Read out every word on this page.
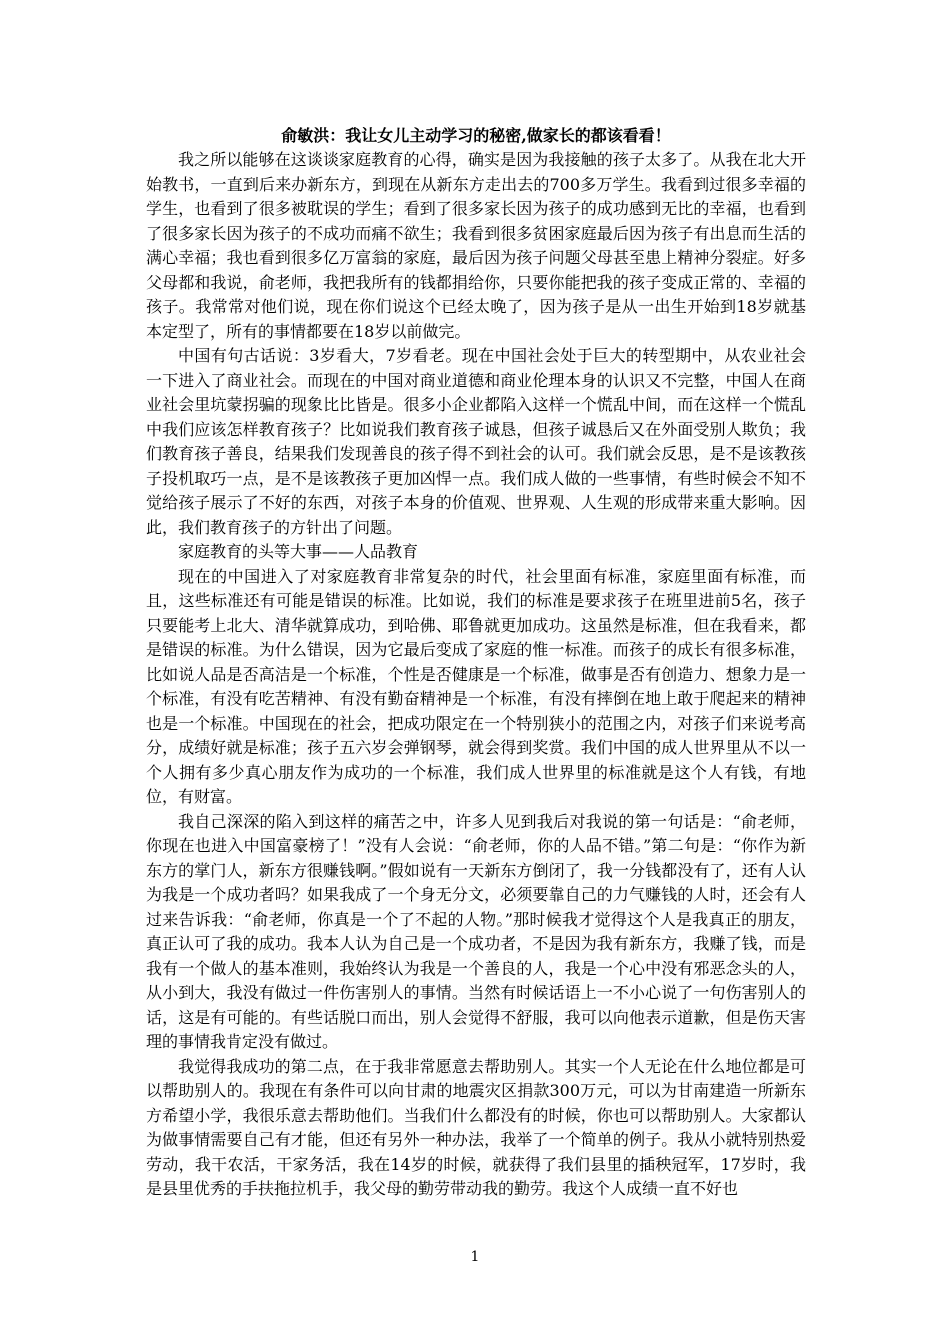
俞敏洪：我让女儿主动学习的秘密,做家长的都该看看！

我之所以能够在这谈谈家庭教育的心得，确实是因为我接触的孩子太多了。从我在北大开始教书，一直到后来办新东方，到现在从新东方走出去的700多万学生。我看到过很多幸福的学生，也看到了很多被耽误的学生；看到了很多家长因为孩子的成功感到无比的幸福，也看到了很多家长因为孩子的不成功而痛不欲生；我看到很多贫困家庭最后因为孩子有出息而生活的满心幸福；我也看到很多亿万富翁的家庭，最后因为孩子问题父母甚至患上精神分裂症。好多父母都和我说，俞老师，我把我所有的钱都捐给你，只要你能把我的孩子变成正常的、幸福的孩子。我常常对他们说，现在你们说这个已经太晚了，因为孩子是从一出生开始到18岁就基本定型了，所有的事情都要在18岁以前做完。

中国有句古话说：3岁看大，7岁看老。现在中国社会处于巨大的转型期中，从农业社会一下进入了商业社会。而现在的中国对商业道德和商业伦理本身的认识又不完整，中国人在商业社会里坑蒙拐骗的现象比比皆是。很多小企业都陷入这样一个慌乱中间，而在这样一个慌乱中我们应该怎样教育孩子？比如说我们教育孩子诚恳，但孩子诚恳后又在外面受别人欺负；我们教育孩子善良，结果我们发现善良的孩子得不到社会的认可。我们就会反思，是不是该教孩子投机取巧一点，是不是该教孩子更加凶悍一点。我们成人做的一些事情，有些时候会不知不觉给孩子展示了不好的东西，对孩子本身的价值观、世界观、人生观的形成带来重大影响。因此，我们教育孩子的方针出了问题。

家庭教育的头等大事——人品教育

现在的中国进入了对家庭教育非常复杂的时代，社会里面有标准，家庭里面有标准，而且，这些标准还有可能是错误的标准。比如说，我们的标准是要求孩子在班里进前5名，孩子只要能考上北大、清华就算成功，到哈佛、耶鲁就更加成功。这虽然是标准，但在我看来，都是错误的标准。为什么错误，因为它最后变成了家庭的惟一标准。而孩子的成长有很多标准，比如说人品是否高洁是一个标准，个性是否健康是一个标准，做事是否有创造力、想象力是一个标准，有没有吃苦精神、有没有勤奋精神是一个标准，有没有摔倒在地上敢于爬起来的精神也是一个标准。中国现在的社会，把成功限定在一个特别狭小的范围之内，对孩子们来说考高分，成绩好就是标准；孩子五六岁会弹钢琴，就会得到奖赏。我们中国的成人世界里从不以一个人拥有多少真心朋友作为成功的一个标准，我们成人世界里的标准就是这个人有钱，有地位，有财富。

我自己深深的陷入到这样的痛苦之中，许多人见到我后对我说的第一句话是：“俞老师，你现在也进入中国富豪榜了！”没有人会说：“俞老师，你的人品不错。”第二句是：“你作为新东方的掌门人，新东方很赚钱啊。”假如说有一天新东方倒闭了，我一分钱都没有了，还有人认为我是一个成功者吗？如果我成了一个身无分文，必须要靠自己的力气赚钱的人时，还会有人过来告诉我：“俞老师，你真是一个了不起的人物。”那时候我才觉得这个人是我真正的朋友，真正认可了我的成功。我本人认为自己是一个成功者，不是因为我有新东方，我赚了钱，而是我有一个做人的基本准则，我始终认为我是一个善良的人，我是一个心中没有邪恶念头的人，从小到大，我没有做过一件伤害别人的事情。当然有时候话语上一不小心说了一句伤害别人的话，这是有可能的。有些话脱口而出，别人会觉得不舒服，我可以向他表示道歉，但是伤天害理的事情我肯定没有做过。

我觉得我成功的第二点，在于我非常愿意去帮助别人。其实一个人无论在什么地位都是可以帮助别人的。我现在有条件可以向甘肃的地震灾区捐款300万元，可以为甘南建造一所新东方希望小学，我很乐意去帮助他们。当我们什么都没有的时候，你也可以帮助别人。大家都认为做事情需要自己有才能，但还有另外一种办法，我举了一个简单的例子。我从小就特别热爱劳动，我干农活，干家务活，我在14岁的时候，就获得了我们县里的插秧冠军，17岁时，我是县里优秀的手扶拖拉机手，我父母的勤劳带动我的勤劳。我这个人成绩一直不好也

1
